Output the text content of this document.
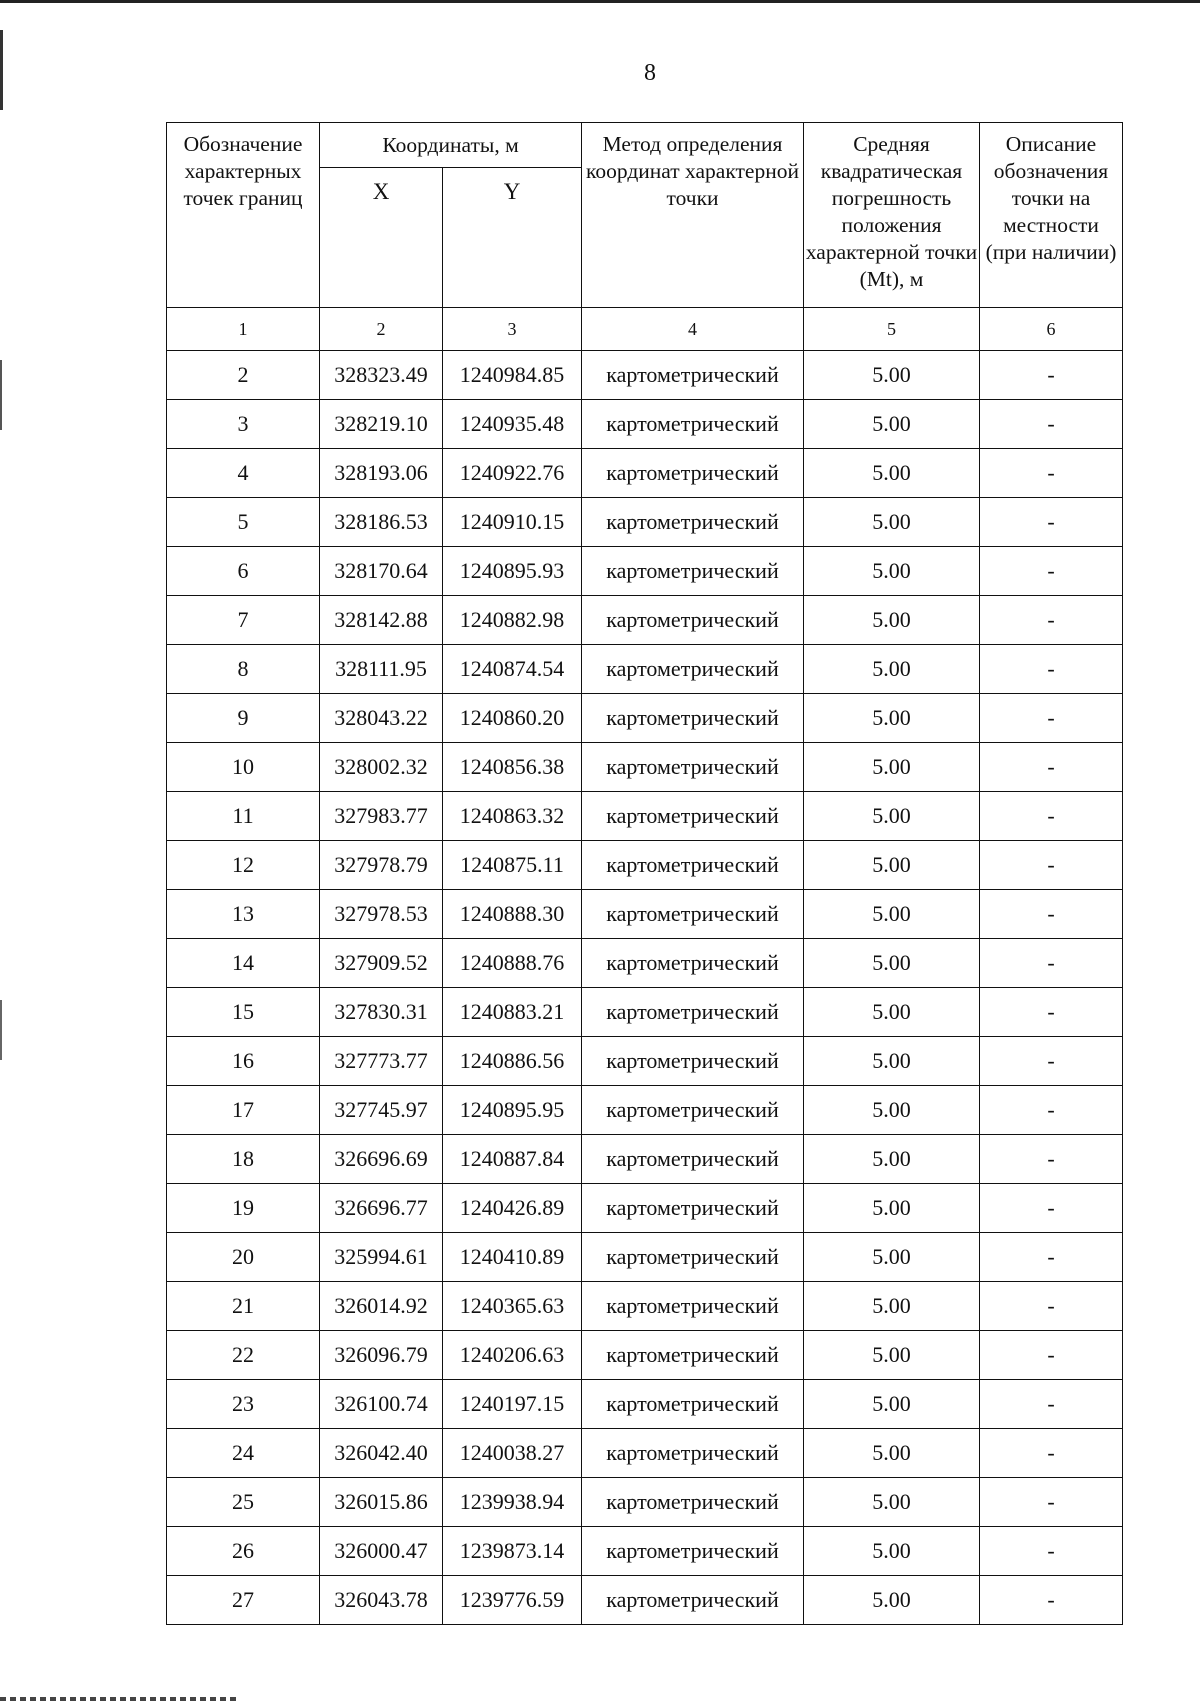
8
Обозначение характерных точек границ	Координаты, м		Метод определения координат характерной точки	Средняя квадратическая погрешность положения характерной точки (Mt), м	Описание обозначения точки на местности (при наличии)
	X	Y			
1	2	3	4	5	6
2	328323.49	1240984.85	картометрический	5.00	-
3	328219.10	1240935.48	картометрический	5.00	-
4	328193.06	1240922.76	картометрический	5.00	-
5	328186.53	1240910.15	картометрический	5.00	-
6	328170.64	1240895.93	картометрический	5.00	-
7	328142.88	1240882.98	картометрический	5.00	-
8	328111.95	1240874.54	картометрический	5.00	-
9	328043.22	1240860.20	картометрический	5.00	-
10	328002.32	1240856.38	картометрический	5.00	-
11	327983.77	1240863.32	картометрический	5.00	-
12	327978.79	1240875.11	картометрический	5.00	-
13	327978.53	1240888.30	картометрический	5.00	-
14	327909.52	1240888.76	картометрический	5.00	-
15	327830.31	1240883.21	картометрический	5.00	-
16	327773.77	1240886.56	картометрический	5.00	-
17	327745.97	1240895.95	картометрический	5.00	-
18	326696.69	1240887.84	картометрический	5.00	-
19	326696.77	1240426.89	картометрический	5.00	-
20	325994.61	1240410.89	картометрический	5.00	-
21	326014.92	1240365.63	картометрический	5.00	-
22	326096.79	1240206.63	картометрический	5.00	-
23	326100.74	1240197.15	картометрический	5.00	-
24	326042.40	1240038.27	картометрический	5.00	-
25	326015.86	1239938.94	картометрический	5.00	-
26	326000.47	1239873.14	картометрический	5.00	-
27	326043.78	1239776.59	картометрический	5.00	-
